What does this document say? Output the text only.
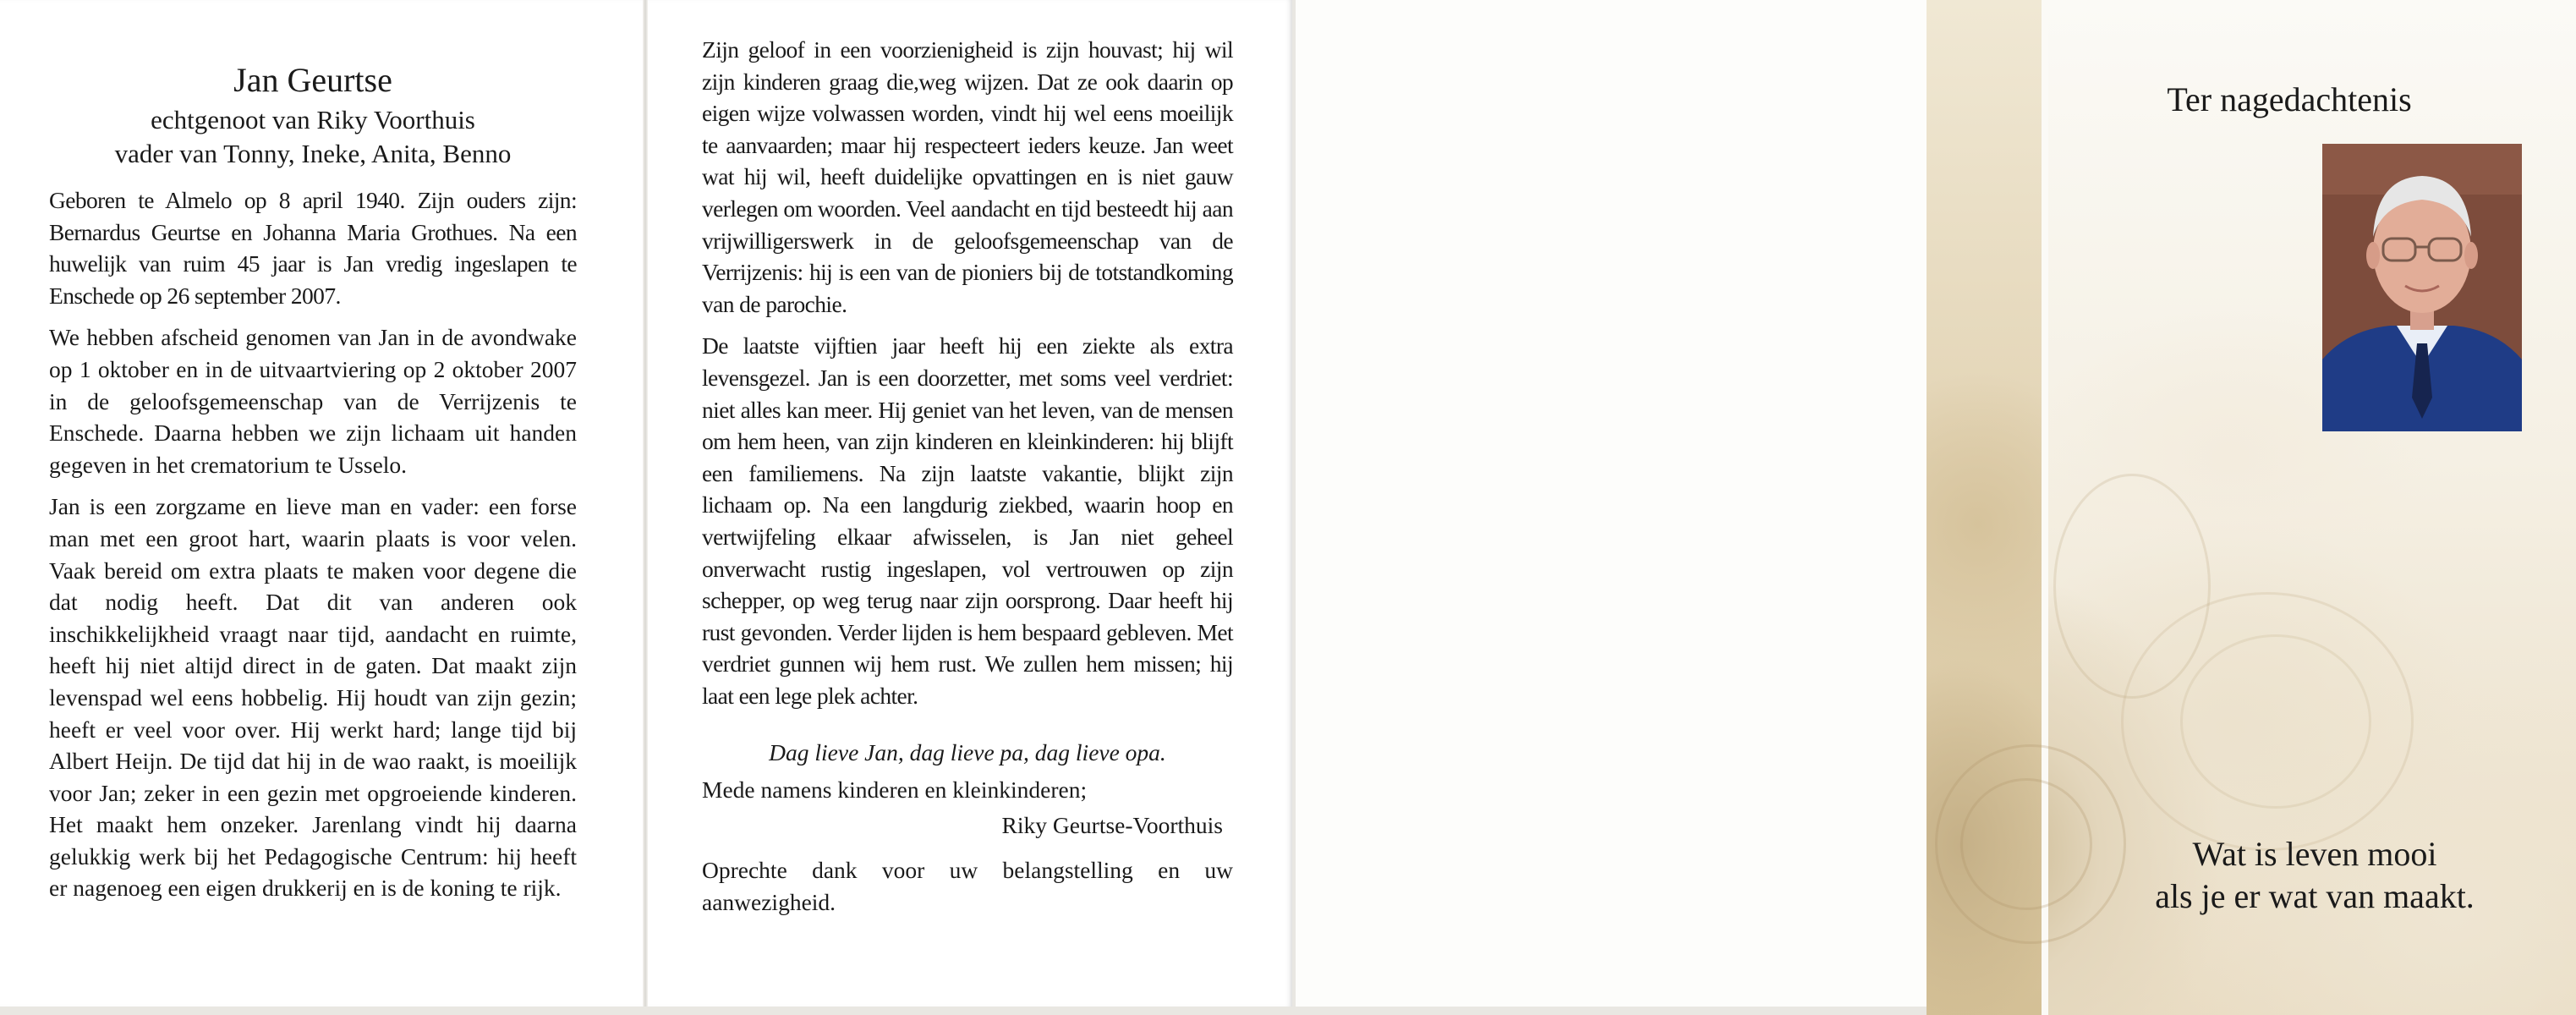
Jan Geurtse
echtgenoot van Riky Voorthuis
vader van Tonny, Ineke, Anita, Benno

Geboren te Almelo op 8 april 1940. Zijn ouders zijn: Bernardus Geurtse en Johanna Maria Grothues. Na een huwelijk van ruim 45 jaar is Jan vredig ingeslapen te Enschede op 26 september 2007.

We hebben afscheid genomen van Jan in de avondwake op 1 oktober en in de uitvaartviering op 2 oktober 2007 in de geloofsgemeenschap van de Verrijzenis te Enschede. Daarna hebben we zijn lichaam uit handen gegeven in het crematorium te Usselo.

Jan is een zorgzame en lieve man en vader: een forse man met een groot hart, waarin plaats is voor velen. Vaak bereid om extra plaats te maken voor degene die dat nodig heeft. Dat dit van anderen ook inschikkelijkheid vraagt naar tijd, aandacht en ruimte, heeft hij niet altijd direct in de gaten. Dat maakt zijn levenspad wel eens hobbelig. Hij houdt van zijn gezin; heeft er veel voor over. Hij werkt hard; lange tijd bij Albert Heijn. De tijd dat hij in de wao raakt, is moeilijk voor Jan; zeker in een gezin met opgroeiende kinderen. Het maakt hem onzeker. Jarenlang vindt hij daarna gelukkig werk bij het Pedagogische Centrum: hij heeft er nagenoeg een eigen drukkerij en is de koning te rijk.

Zijn geloof in een voorzienigheid is zijn houvast; hij wil zijn kinderen graag die,weg wijzen. Dat ze ook daarin op eigen wijze volwassen worden, vindt hij wel eens moeilijk te aanvaarden; maar hij respecteert ieders keuze. Jan weet wat hij wil, heeft duidelijke opvattingen en is niet gauw verlegen om woorden. Veel aandacht en tijd besteedt hij aan vrijwilligerswerk in de geloofsgemeenschap van de Verrijzenis: hij is een van de pioniers bij de totstandkoming van de parochie.

De laatste vijftien jaar heeft hij een ziekte als extra levensgezel. Jan is een doorzetter, met soms veel verdriet: niet alles kan meer. Hij geniet van het leven, van de mensen om hem heen, van zijn kinderen en kleinkinderen: hij blijft een familiemens. Na zijn laatste vakantie, blijkt zijn lichaam op. Na een langdurig ziekbed, waarin hoop en vertwijfeling elkaar afwisselen, is Jan niet geheel onverwacht rustig ingeslapen, vol vertrouwen op zijn schepper, op weg terug naar zijn oorsprong. Daar heeft hij rust gevonden. Verder lijden is hem bespaard gebleven. Met verdriet gunnen wij hem rust. We zullen hem missen; hij laat een lege plek achter.

Dag lieve Jan, dag lieve pa, dag lieve opa.

Mede namens kinderen en kleinkinderen;

Riky Geurtse-Voorthuis

Oprechte dank voor uw belangstelling en uw aanwezigheid.

Ter nagedachtenis
Wat is leven mooi
als je er wat van maakt.
